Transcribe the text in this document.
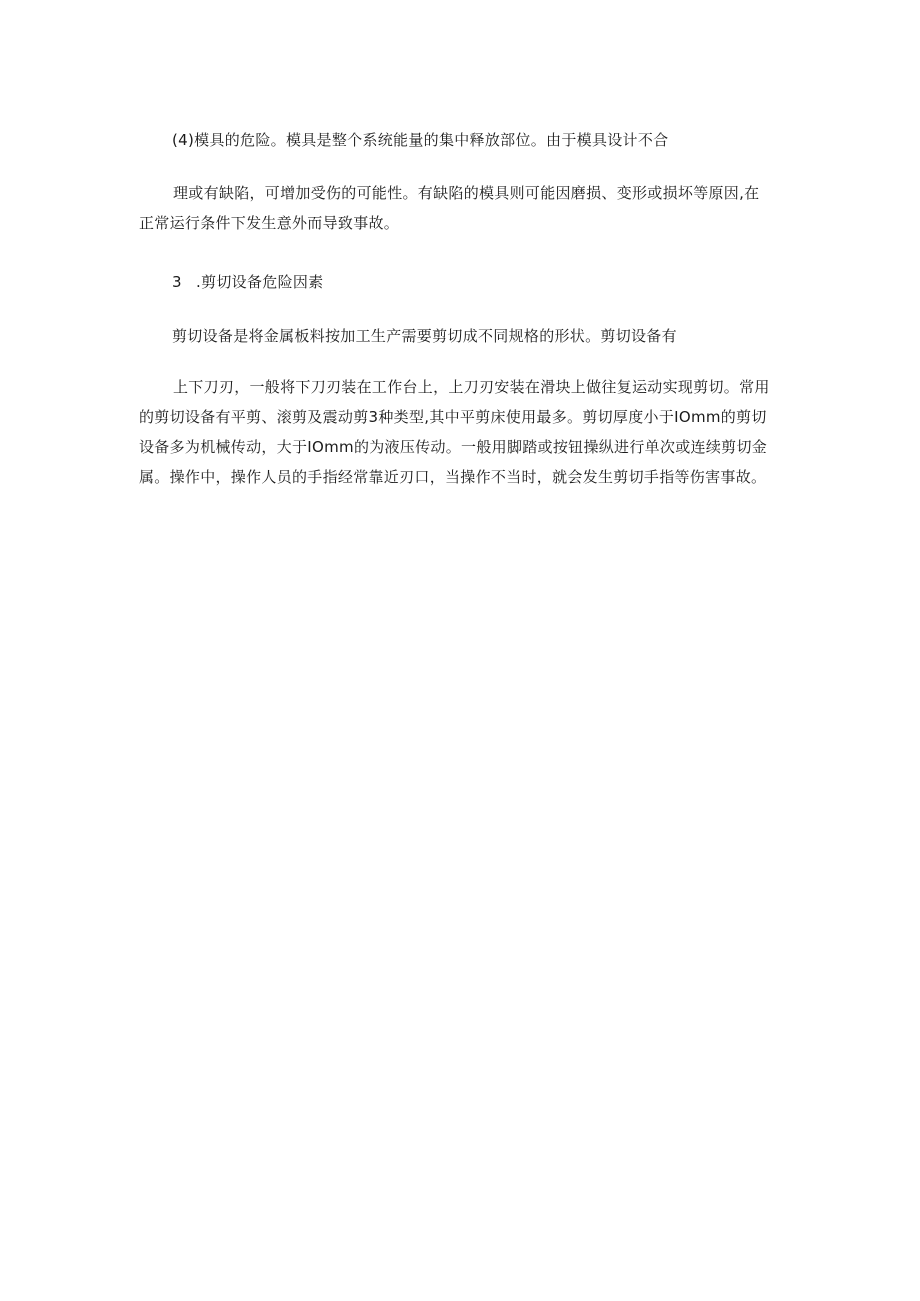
(4)模具的危险。模具是整个系统能量的集中释放部位。由于模具设计不合
理或有缺陷，可增加受伤的可能性。有缺陷的模具则可能因磨损、变形或损坏等原因,在
正常运行条件下发生意外而导致事故。
3 .剪切设备危险因素
剪切设备是将金属板料按加工生产需要剪切成不同规格的形状。剪切设备有
上下刀刃，一般将下刀刃装在工作台上，上刀刃安装在滑块上做往复运动实现剪切。常用
的剪切设备有平剪、滚剪及震动剪3种类型,其中平剪床使用最多。剪切厚度小于IOmm的剪切
设备多为机械传动，大于IOmm的为液压传动。一般用脚踏或按钮操纵进行单次或连续剪切金
属。操作中，操作人员的手指经常靠近刃口，当操作不当时，就会发生剪切手指等伤害事故。
